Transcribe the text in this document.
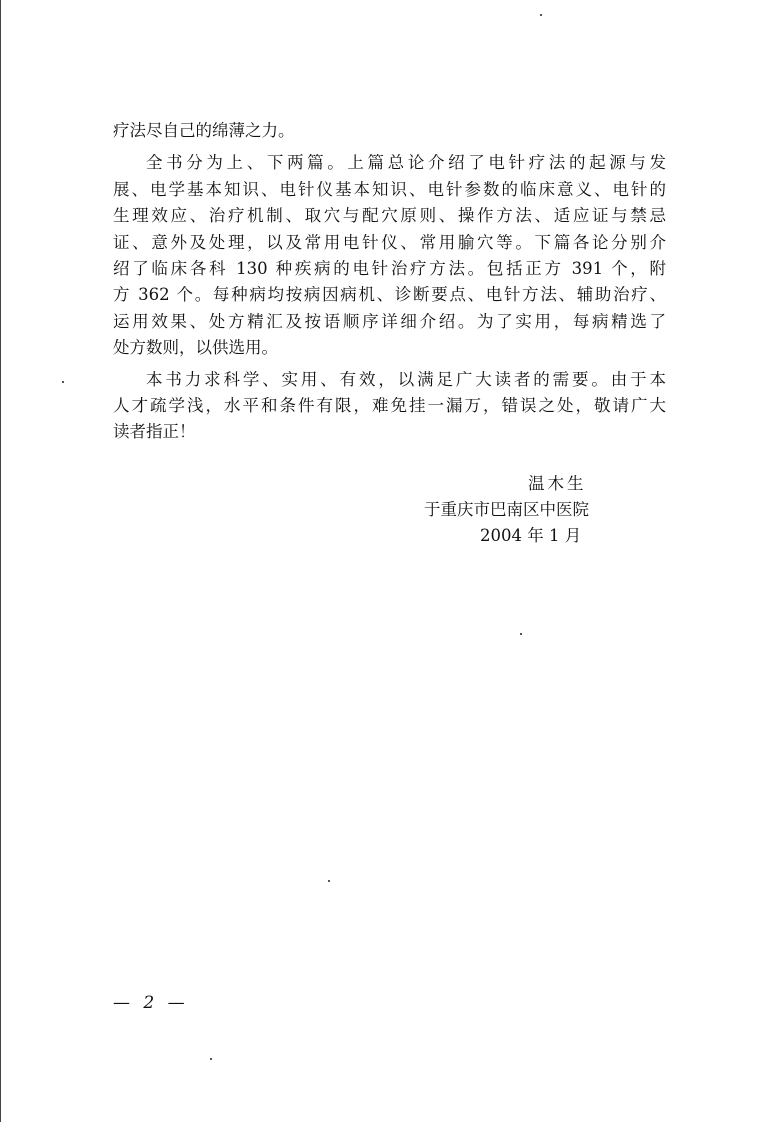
疗法尽自己的绵薄之力。
全书分为上、下两篇。上篇总论介绍了电针疗法的起源与发
展、电学基本知识、电针仪基本知识、电针参数的临床意义、电针的
生理效应、治疗机制、取穴与配穴原则、操作方法、适应证与禁忌
证、意外及处理，以及常用电针仪、常用腧穴等。下篇各论分别介
绍了临床各科 130 种疾病的电针治疗方法。包括正方 391 个，附
方 362 个。每种病均按病因病机、诊断要点、电针方法、辅助治疗、
运用效果、处方精汇及按语顺序详细介绍。为了实用，每病精选了
处方数则，以供选用。
本书力求科学、实用、有效，以满足广大读者的需要。由于本
人才疏学浅，水平和条件有限，难免挂一漏万，错误之处，敬请广大
读者指正！
温木生
于重庆市巴南区中医院
2004 年 1 月
— 2 —
